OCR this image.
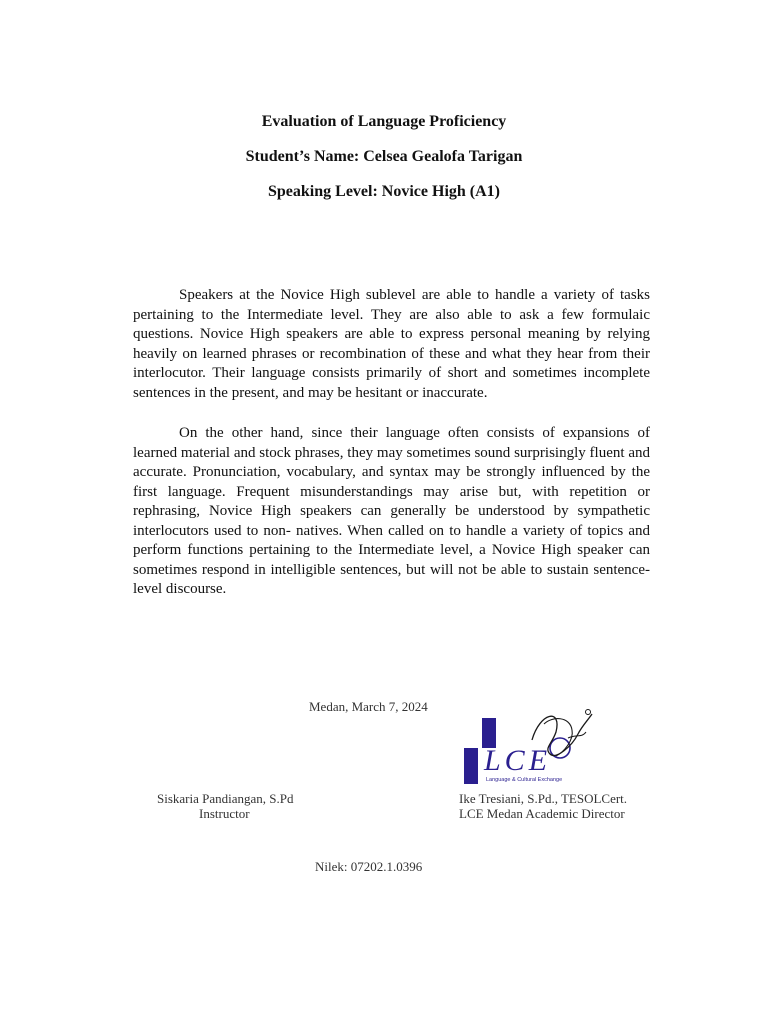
Evaluation of Language Proficiency
Student’s Name: Celsea Gealofa Tarigan
Speaking Level: Novice High (A1)

Speakers at the Novice High sublevel are able to handle a variety of tasks pertaining to the Intermediate level. They are also able to ask a few formulaic questions. Novice High speakers are able to express personal meaning by relying heavily on learned phrases or recombination of these and what they hear from their interlocutor. Their language consists primarily of short and sometimes incomplete sentences in the present, and may be hesitant or inaccurate.

On the other hand, since their language often consists of expansions of learned material and stock phrases, they may sometimes sound surprisingly fluent and accurate. Pronunciation, vocabulary, and syntax may be strongly influenced by the first language. Frequent misunderstandings may arise but, with repetition or rephrasing, Novice High speakers can generally be understood by sympathetic interlocutors used to non- natives. When called on to handle a variety of topics and perform functions pertaining to the Intermediate level, a Novice High speaker can sometimes respond in intelligible sentences, but will not be able to sustain sentence-level discourse.

Medan, March 7, 2024
LCE
Language & Cultural Exchange
Siskaria Pandiangan, S.Pd
Instructor
Ike Tresiani, S.Pd., TESOLCert.
LCE Medan Academic Director
Nilek: 07202.1.0396
